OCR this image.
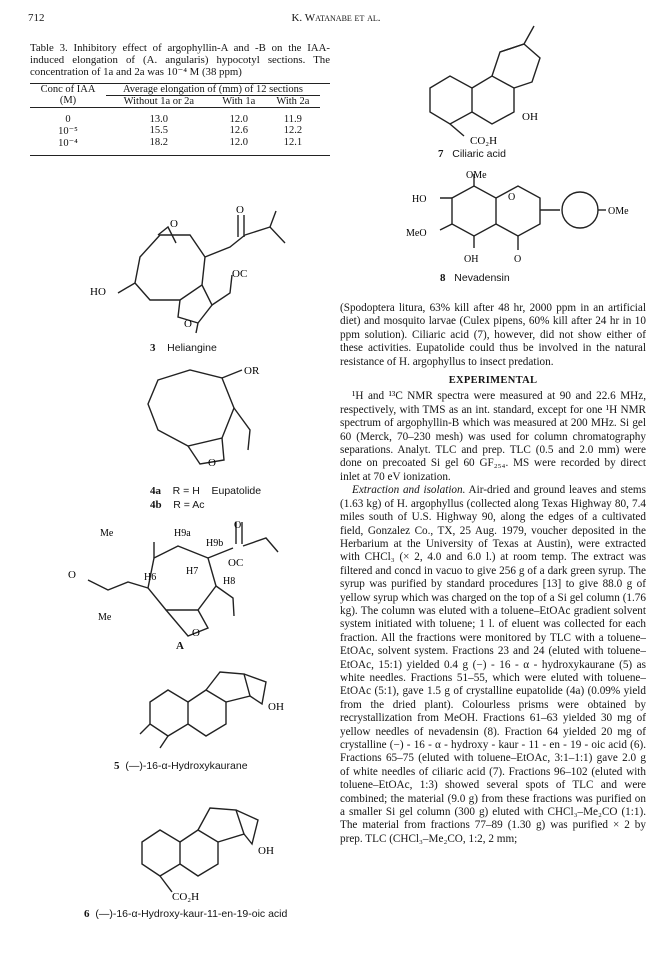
712	K. Watanabe et al.
Table 3. Inhibitory effect of argophyllin-A and -B on the IAA-induced elongation of (A. angularis) hypocotyl sections. The concentration of 1a and 2a was 10⁻⁴ M (38 ppm)
Conc of IAA	Average elongation of (mm) of 12 sections		
(M)	Without 1a or 2a	With 1a	With 2a

0	13.0	12.0	11.9
10⁻⁵	15.5	12.6	12.2
10⁻⁴	18.2	12.0	12.1
OC
O
O
HO
O
3 Heliangine
OR
O
4a R = H Eupatolide
4b R = Ac
Me	H9a
H9b
O
OC
H7
H6	H8
O
Me
O
A
OH
5 (—)-16-α-Hydroxykaurane
OH
CO₂H
6 (—)-16-α-Hydroxy-kaur-11-en-19-oic acid
OH
CO₂H
7 Ciliaric acid
OMe
HO	O
OMe
MeO
OH	O
8 Nevadensin

(Spodoptera litura, 63% kill after 48 hr, 2000 ppm in an artificial diet) and mosquito larvae (Culex pipens, 60% kill after 24 hr in 10 ppm solution). Ciliaric acid (7), however, did not show either of these activities. Eupatolide could thus be involved in the natural resistance of H. argophyllus to insect predation.

EXPERIMENTAL

¹H and ¹³C NMR spectra were measured at 90 and 22.6 MHz, respectively, with TMS as an int. standard, except for one ¹H NMR spectrum of argophyllin-B which was measured at 200 MHz. Si gel 60 (Merck, 70–230 mesh) was used for column chromatography separations. Analyt. TLC and prep. TLC (0.5 and 2.0 mm) were done on precoated Si gel 60 GF₂₅₄. MS were recorded by direct inlet at 70 eV ionization.

Extraction and isolation. Air-dried and ground leaves and stems (1.63 kg) of H. argophyllus (collected along Texas Highway 80, 7.4 miles south of U.S. Highway 90, along the edges of a cultivated field, Gonzalez Co., TX, 25 Aug. 1979, voucher deposited in the Herbarium at the University of Texas at Austin), were extracted with CHCl₃ (× 2, 4.0 and 6.0 l.) at room temp. The extract was filtered and concd in vacuo to give 256 g of a dark green syrup. The syrup was purified by standard procedures [13] to give 88.0 g of yellow syrup which was charged on the top of a Si gel column (1.76 kg). The column was eluted with a toluene–EtOAc gradient solvent system initiated with toluene; 1 l. of eluent was collected for each fraction. All the fractions were monitored by TLC with a toluene–EtOAc, solvent system. Fractions 23 and 24 (eluted with toluene–EtOAc, 15:1) yielded 0.4 g (−) - 16 - α - hydroxykaurane (5) as white needles. Fractions 51–55, which were eluted with toluene–EtOAc (5:1), gave 1.5 g of crystalline eupatolide (4a) (0.09% yield from the dried plant). Colourless prisms were obtained by recrystallization from MeOH. Fractions 61–63 yielded 30 mg of yellow needles of nevadensin (8). Fraction 64 yielded 20 mg of crystalline (−) - 16 - α - hydroxy - kaur - 11 - en - 19 - oic acid (6). Fractions 65–75 (eluted with toluene–EtOAc, 3:1–1:1) gave 2.0 g of white needles of ciliaric acid (7). Fractions 96–102 (eluted with toluene–EtOAc, 1:3) showed several spots of TLC and were combined; the material (9.0 g) from these fractions was purified on a smaller Si gel column (300 g) eluted with CHCl₃–Me₂CO (1:1). The material from fractions 77–89 (1.30 g) was purified × 2 by prep. TLC (CHCl₃–Me₂CO, 1:2, 2 mm;
